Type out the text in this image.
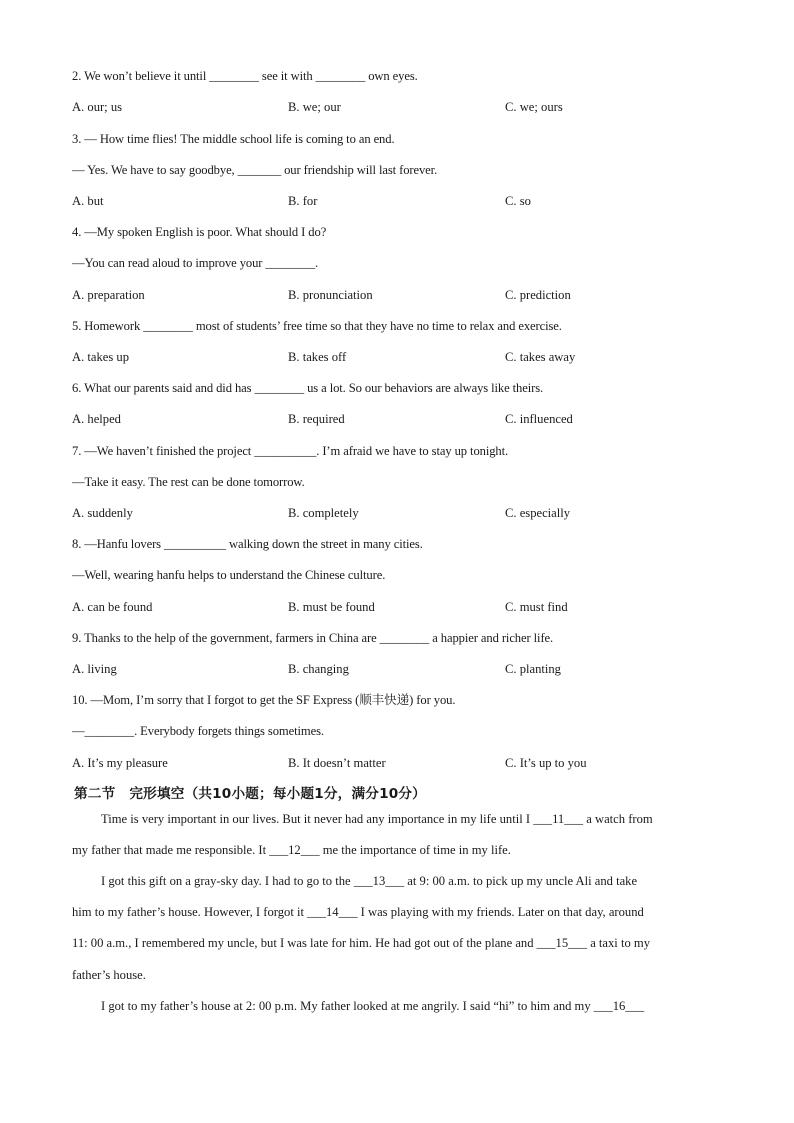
2. We won’t believe it until ________ see it with ________ own eyes.
A. our; us	B. we; our	C. we; ours
3. — How time flies! The middle school life is coming to an end.
— Yes. We have to say goodbye, _______ our friendship will last forever.
A. but	B. for	C. so
4. —My spoken English is poor. What should I do?
—You can read aloud to improve your ________.
A. preparation	B. pronunciation	C. prediction
5. Homework ________ most of students’ free time so that they have no time to relax and exercise.
A. takes up	B. takes off	C. takes away
6. What our parents said and did has ________ us a lot. So our behaviors are always like theirs.
A. helped	B. required	C. influenced
7. —We haven’t finished the project __________. I’m afraid we have to stay up tonight.
—Take it easy. The rest can be done tomorrow.
A. suddenly	B. completely	C. especially
8. —Hanfu lovers __________ walking down the street in many cities.
—Well, wearing hanfu helps to understand the Chinese culture.
A. can be found	B. must be found	C. must find
9. Thanks to the help of the government, farmers in China are ________ a happier and richer life.
A. living	B. changing	C. planting
10. —Mom, I’m sorry that I forgot to get the SF Express (顺丰快递) for you.
—________. Everybody forgets things sometimes.
A. It’s my pleasure	B. It doesn’t matter	C. It’s up to you
第二节 完形填空（共10小题；每小题1分，满分10分）
Time is very important in our lives. But it never had any importance in my life until I ___11___ a watch from
my father that made me responsible. It ___12___ me the importance of time in my life.
I got this gift on a gray-sky day. I had to go to the ___13___ at 9: 00 a.m. to pick up my uncle Ali and take
him to my father’s house. However, I forgot it ___14___ I was playing with my friends. Later on that day, around
11: 00 a.m., I remembered my uncle, but I was late for him. He had got out of the plane and ___15___ a taxi to my
father’s house.
I got to my father’s house at 2: 00 p.m. My father looked at me angrily. I said “hi” to him and my ___16___
